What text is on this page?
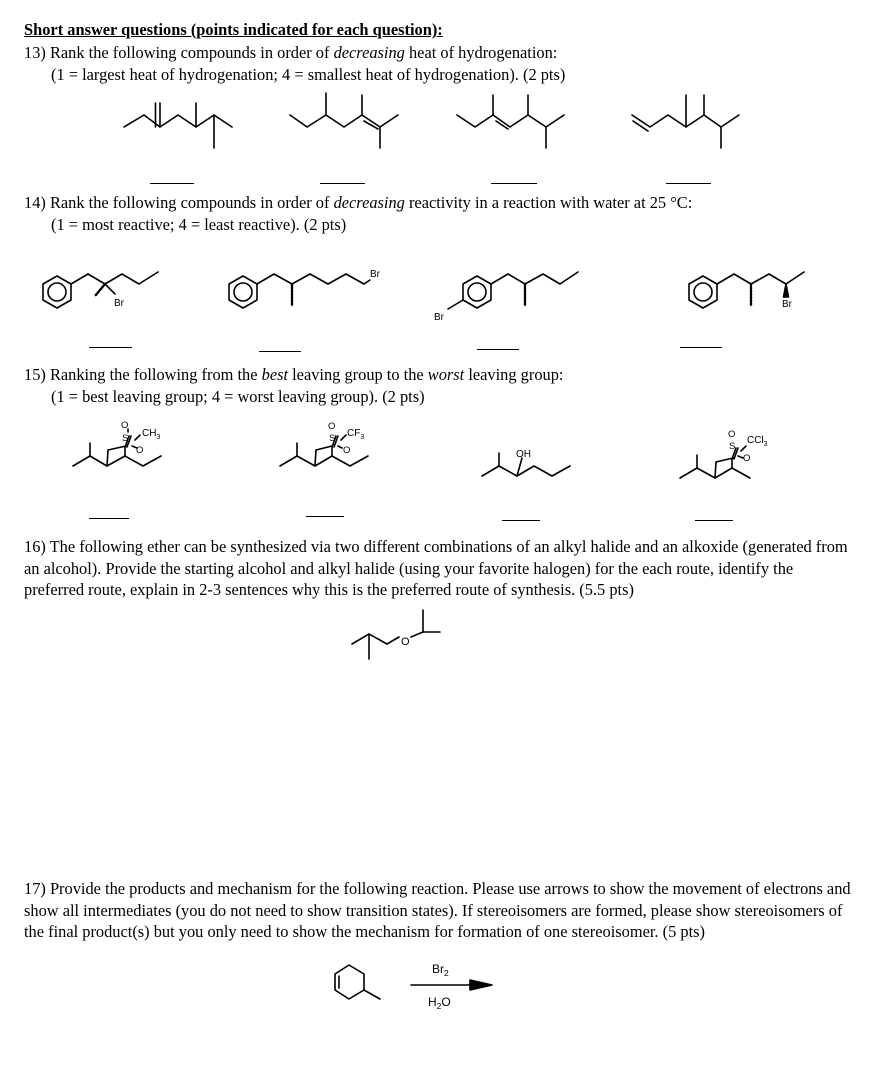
Short answer questions (points indicated for each question):
13) Rank the following compounds in order of decreasing heat of hydrogenation:
(1 = largest heat of hydrogenation; 4 = smallest heat of hydrogenation). (2 pts)
14) Rank the following compounds in order of decreasing reactivity in a reaction with water at 25 °C:
(1 = most reactive; 4 = least reactive). (2 pts)
15) Ranking the following from the best leaving group to the worst leaving group:
(1 = best leaving group; 4 = worst leaving group). (2 pts)
16) The following ether can be synthesized via two different combinations of an alkyl halide and an alkoxide (generated from an alcohol). Provide the starting alcohol and alkyl halide (using your favorite halogen) for the each route, identify the preferred route, explain in 2-3 sentences why this is the preferred route of synthesis. (5.5 pts)
17) Provide the products and mechanism for the following reaction. Please use arrows to show the movement of electrons and show all intermediates (you do not need to show transition states). If stereoisomers are formed, please show stereoisomers of the final product(s) but you only need to show the mechanism for formation of one stereoisomer. (5 pts)
Br
Br
Br
Br
O
S
O
$CH_3$
O
S
O
$CF_3$
OH
O
S
O
CCl$_3$
O
$Br_2$
$H_2O$
